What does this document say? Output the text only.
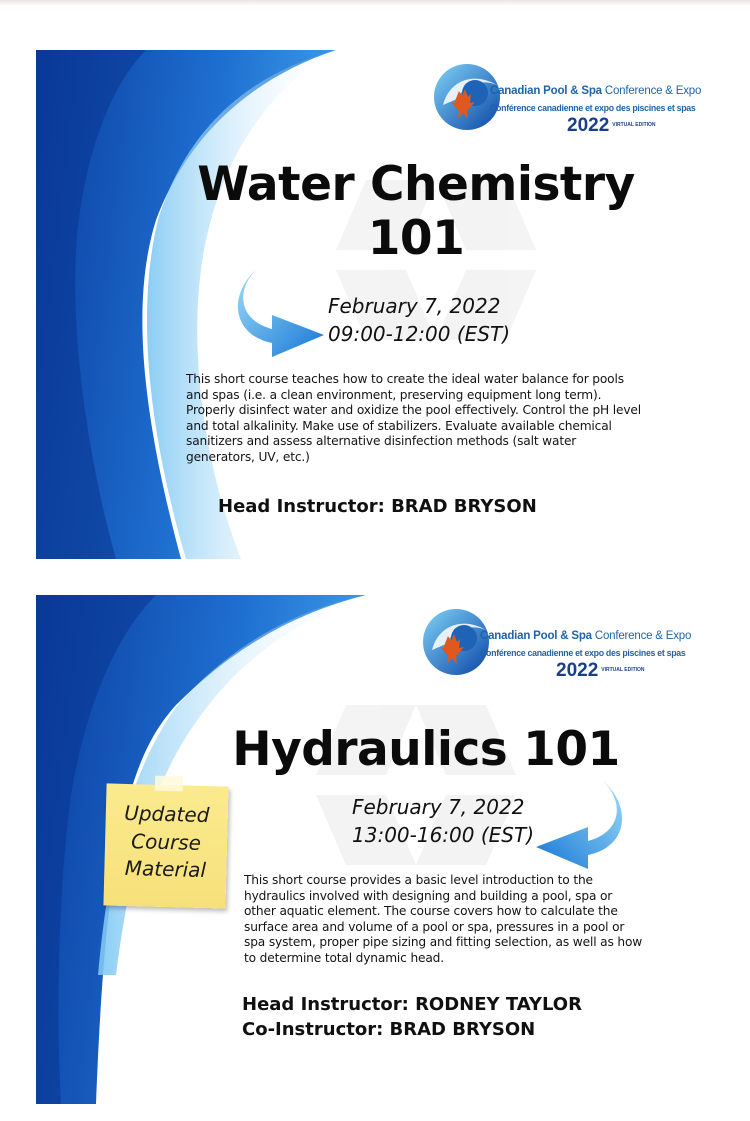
Canadian Pool & Spa Conference & Expo
Conférence canadienne et expo des piscines et spas
2022 $^{VIRTUAL EDITION}$
Water Chemistry
101
February 7, 2022
09:00-12:00 (EST)
This short course teaches how to create the ideal water balance for pools and spas (i.e. a clean environment, preserving equipment long term). Properly disinfect water and oxidize the pool effectively. Control the pH level and total alkalinity. Make use of stabilizers. Evaluate available chemical sanitizers and assess alternative disinfection methods (salt water generators, UV, etc.)
Head Instructor: BRAD BRYSON
Canadian Pool & Spa Conference & Expo
Conférence canadienne et expo des piscines et spas
2022 $^{VIRTUAL EDITION}$
Hydraulics 101
February 7, 2022
13:00-16:00 (EST)
This short course provides a basic level introduction to the hydraulics involved with designing and building a pool, spa or other aquatic element. The course covers how to calculate the surface area and volume of a pool or spa, pressures in a pool or spa system, proper pipe sizing and fitting selection, as well as how to determine total dynamic head.
Head Instructor: RODNEY TAYLOR
Co-Instructor: BRAD BRYSON
Updated
Course
Material
